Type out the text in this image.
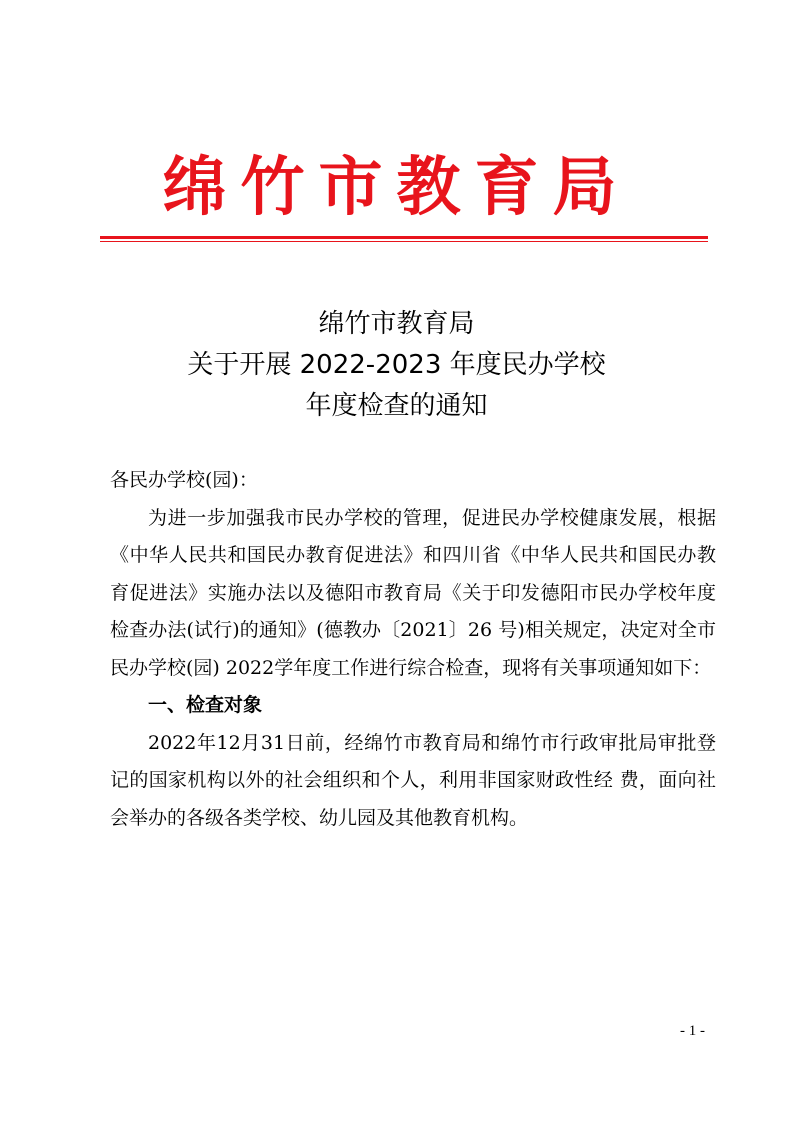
绵竹市教育局
绵竹市教育局
关于开展 2022-2023 年度民办学校
年度检查的通知

各民办学校(园)：

为进一步加强我市民办学校的管理，促进民办学校健康发展，根据《中华人民共和国民办教育促进法》和四川省《中华人民共和国民办教育促进法》实施办法以及德阳市教育局《关于印发德阳市民办学校年度检查办法(试行)的通知》(德教办〔2021〕26 号)相关规定，决定对全市民办学校(园) 2022学年度工作进行综合检查，现将有关事项通知如下：

一、检查对象

2022年12月31日前，经绵竹市教育局和绵竹市行政审批局审批登记的国家机构以外的社会组织和个人，利用非国家财政性经 费，面向社会举办的各级各类学校、幼儿园及其他教育机构。

- 1 -
